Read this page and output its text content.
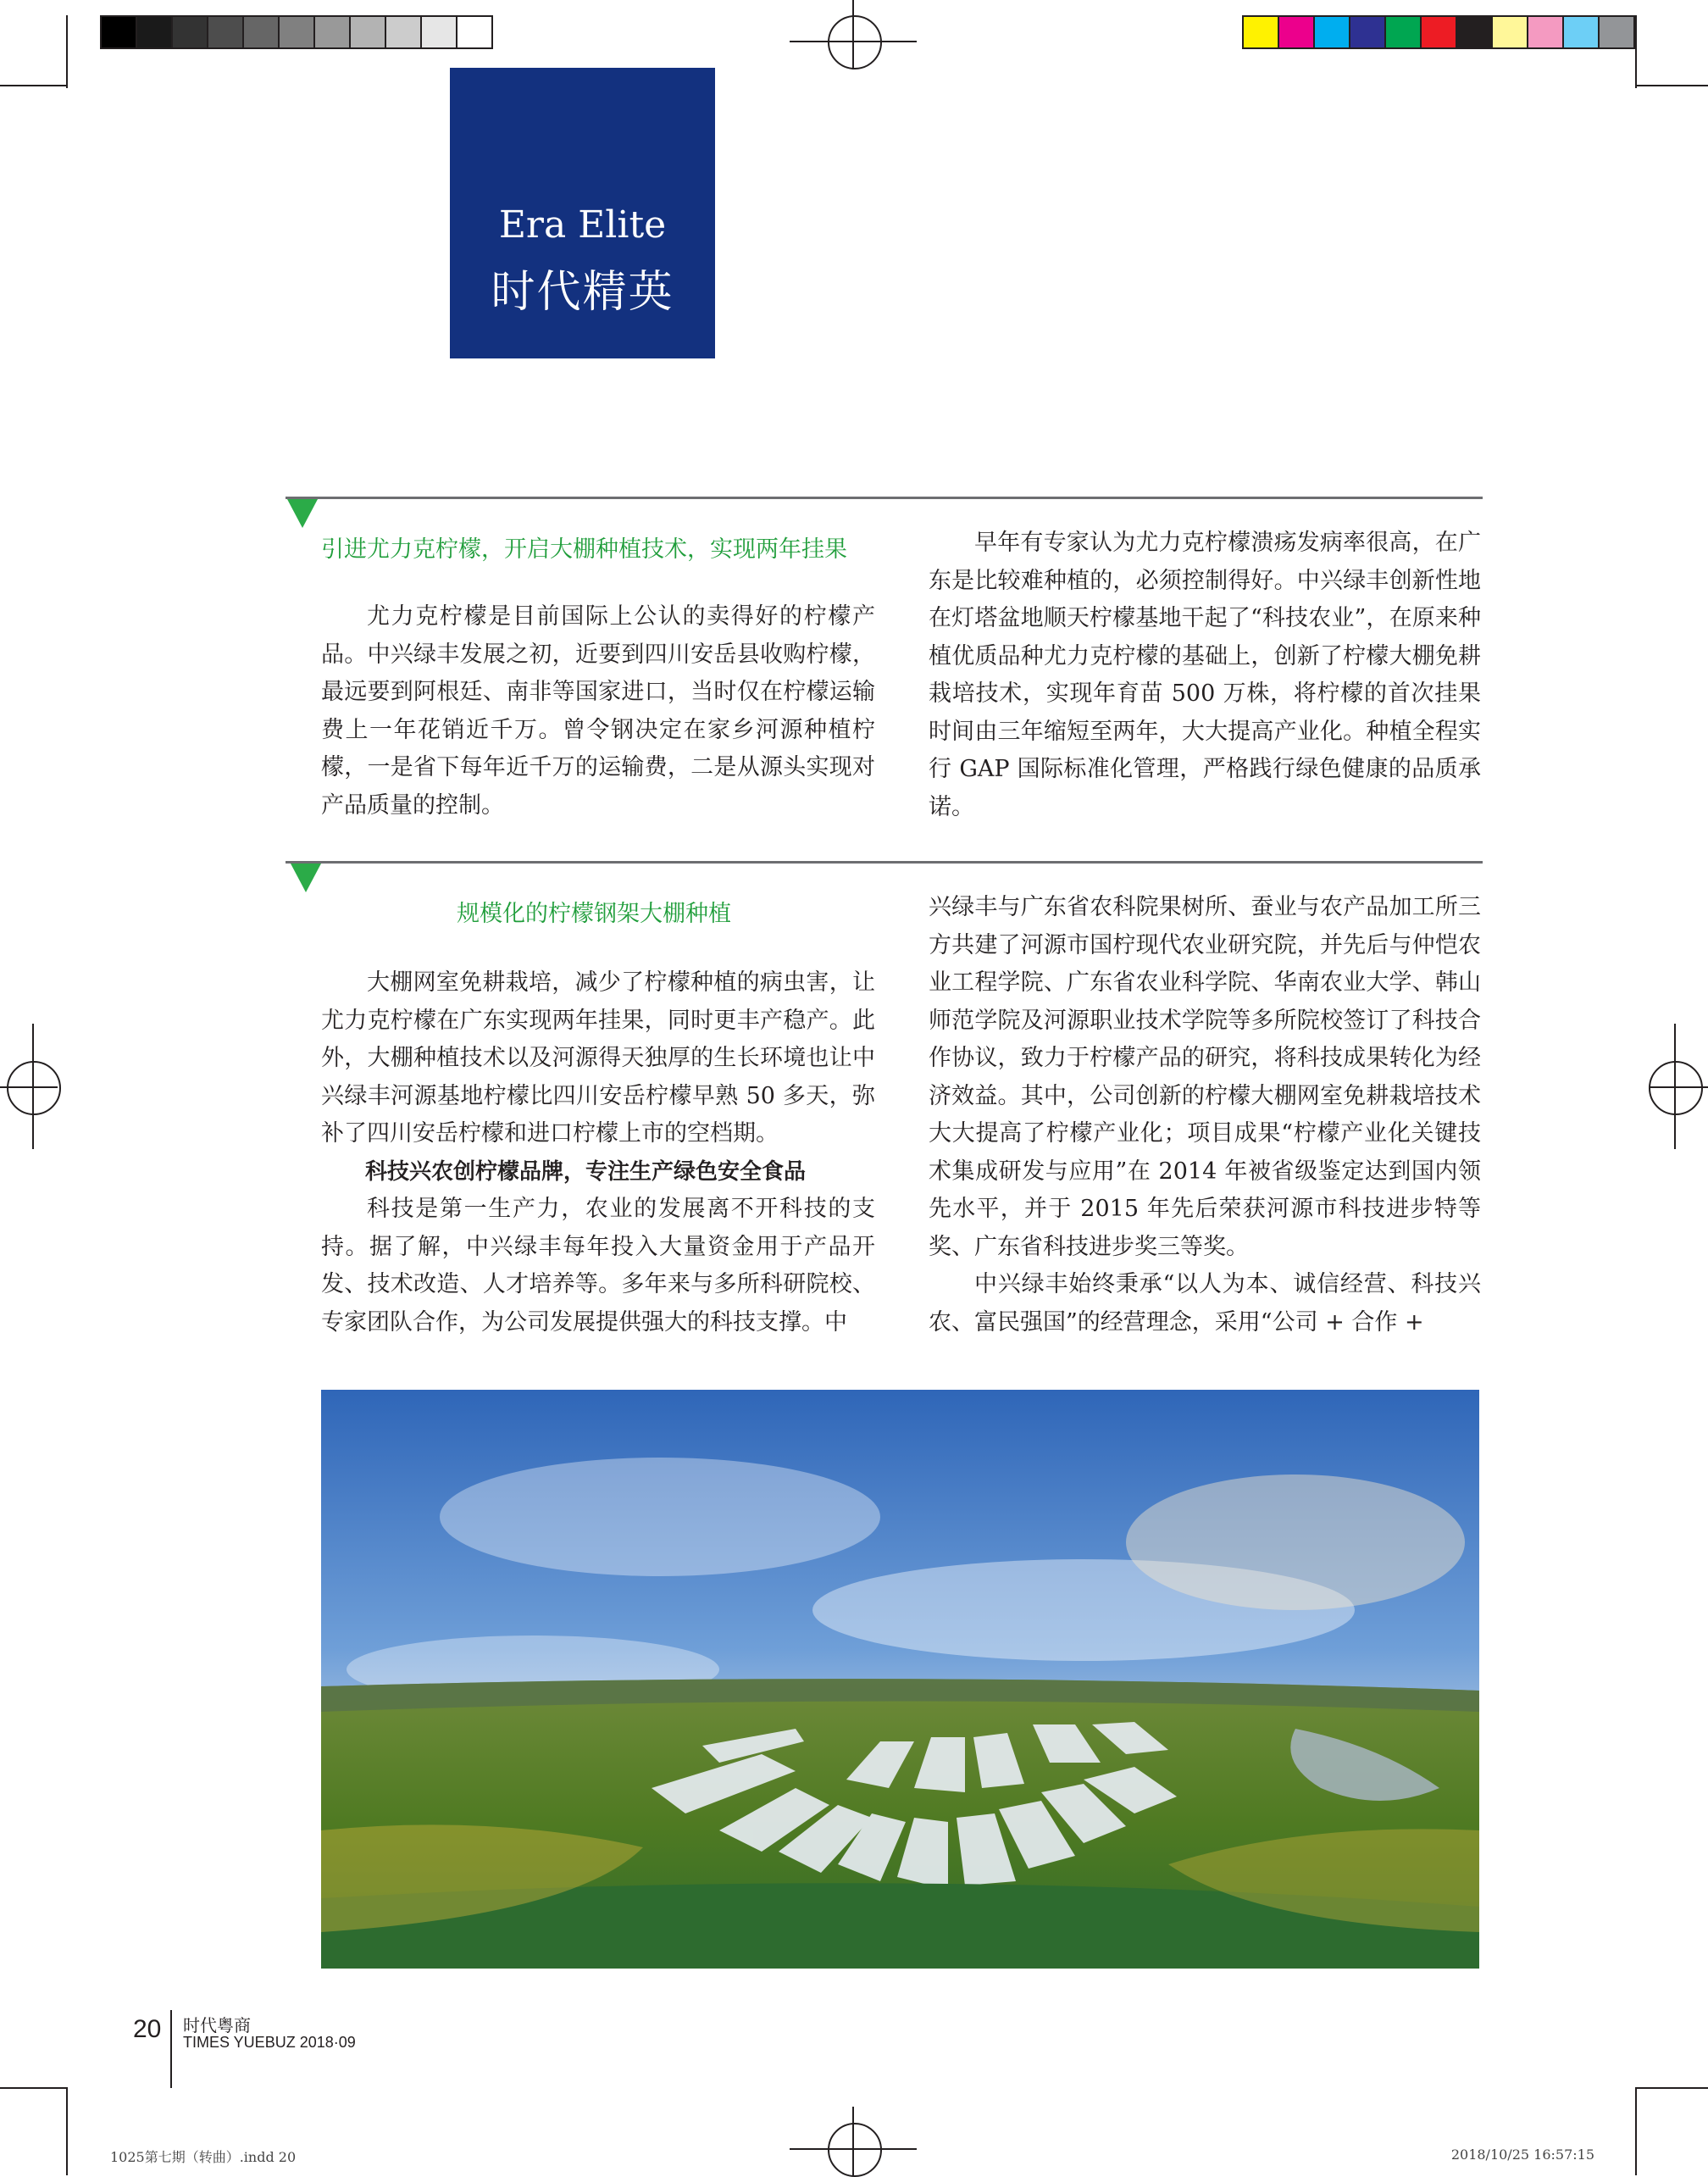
Era Elite
时代精英
引进尤力克柠檬，开启大棚种植技术，实现两年挂果

尤力克柠檬是目前国际上公认的卖得好的柠檬产品。中兴绿丰发展之初，近要到四川安岳县收购柠檬，最远要到阿根廷、南非等国家进口，当时仅在柠檬运输费上一年花销近千万。曾令钢决定在家乡河源种植柠檬，一是省下每年近千万的运输费，二是从源头实现对产品质量的控制。

早年有专家认为尤力克柠檬溃疡发病率很高，在广东是比较难种植的，必须控制得好。中兴绿丰创新性地在灯塔盆地顺天柠檬基地干起了“科技农业”，在原来种植优质品种尤力克柠檬的基础上，创新了柠檬大棚免耕栽培技术，实现年育苗 500 万株，将柠檬的首次挂果时间由三年缩短至两年，大大提高产业化。种植全程实行 GAP 国际标准化管理，严格践行绿色健康的品质承诺。

规模化的柠檬钢架大棚种植

大棚网室免耕栽培，减少了柠檬种植的病虫害，让尤力克柠檬在广东实现两年挂果，同时更丰产稳产。此外，大棚种植技术以及河源得天独厚的生长环境也让中兴绿丰河源基地柠檬比四川安岳柠檬早熟 50 多天，弥补了四川安岳柠檬和进口柠檬上市的空档期。

科技兴农创柠檬品牌，专注生产绿色安全食品

科技是第一生产力，农业的发展离不开科技的支持。据了解，中兴绿丰每年投入大量资金用于产品开发、技术改造、人才培养等。多年来与多所科研院校、专家团队合作，为公司发展提供强大的科技支撑。中

兴绿丰与广东省农科院果树所、蚕业与农产品加工所三方共建了河源市国柠现代农业研究院，并先后与仲恺农业工程学院、广东省农业科学院、华南农业大学、韩山师范学院及河源职业技术学院等多所院校签订了科技合作协议，致力于柠檬产品的研究，将科技成果转化为经济效益。其中，公司创新的柠檬大棚网室免耕栽培技术大大提高了柠檬产业化；项目成果“柠檬产业化关键技术集成研发与应用”在 2014 年被省级鉴定达到国内领先水平，并于 2015 年先后荣获河源市科技进步特等奖、广东省科技进步奖三等奖。

中兴绿丰始终秉承“以人为本、诚信经营、科技兴农、富民强国”的经营理念，采用“公司 + 合作 +

20 时代粤商
TIMES YUEBUZ 2018·09
1025第七期（转曲）.indd 20	2018/10/25 16:57:15
